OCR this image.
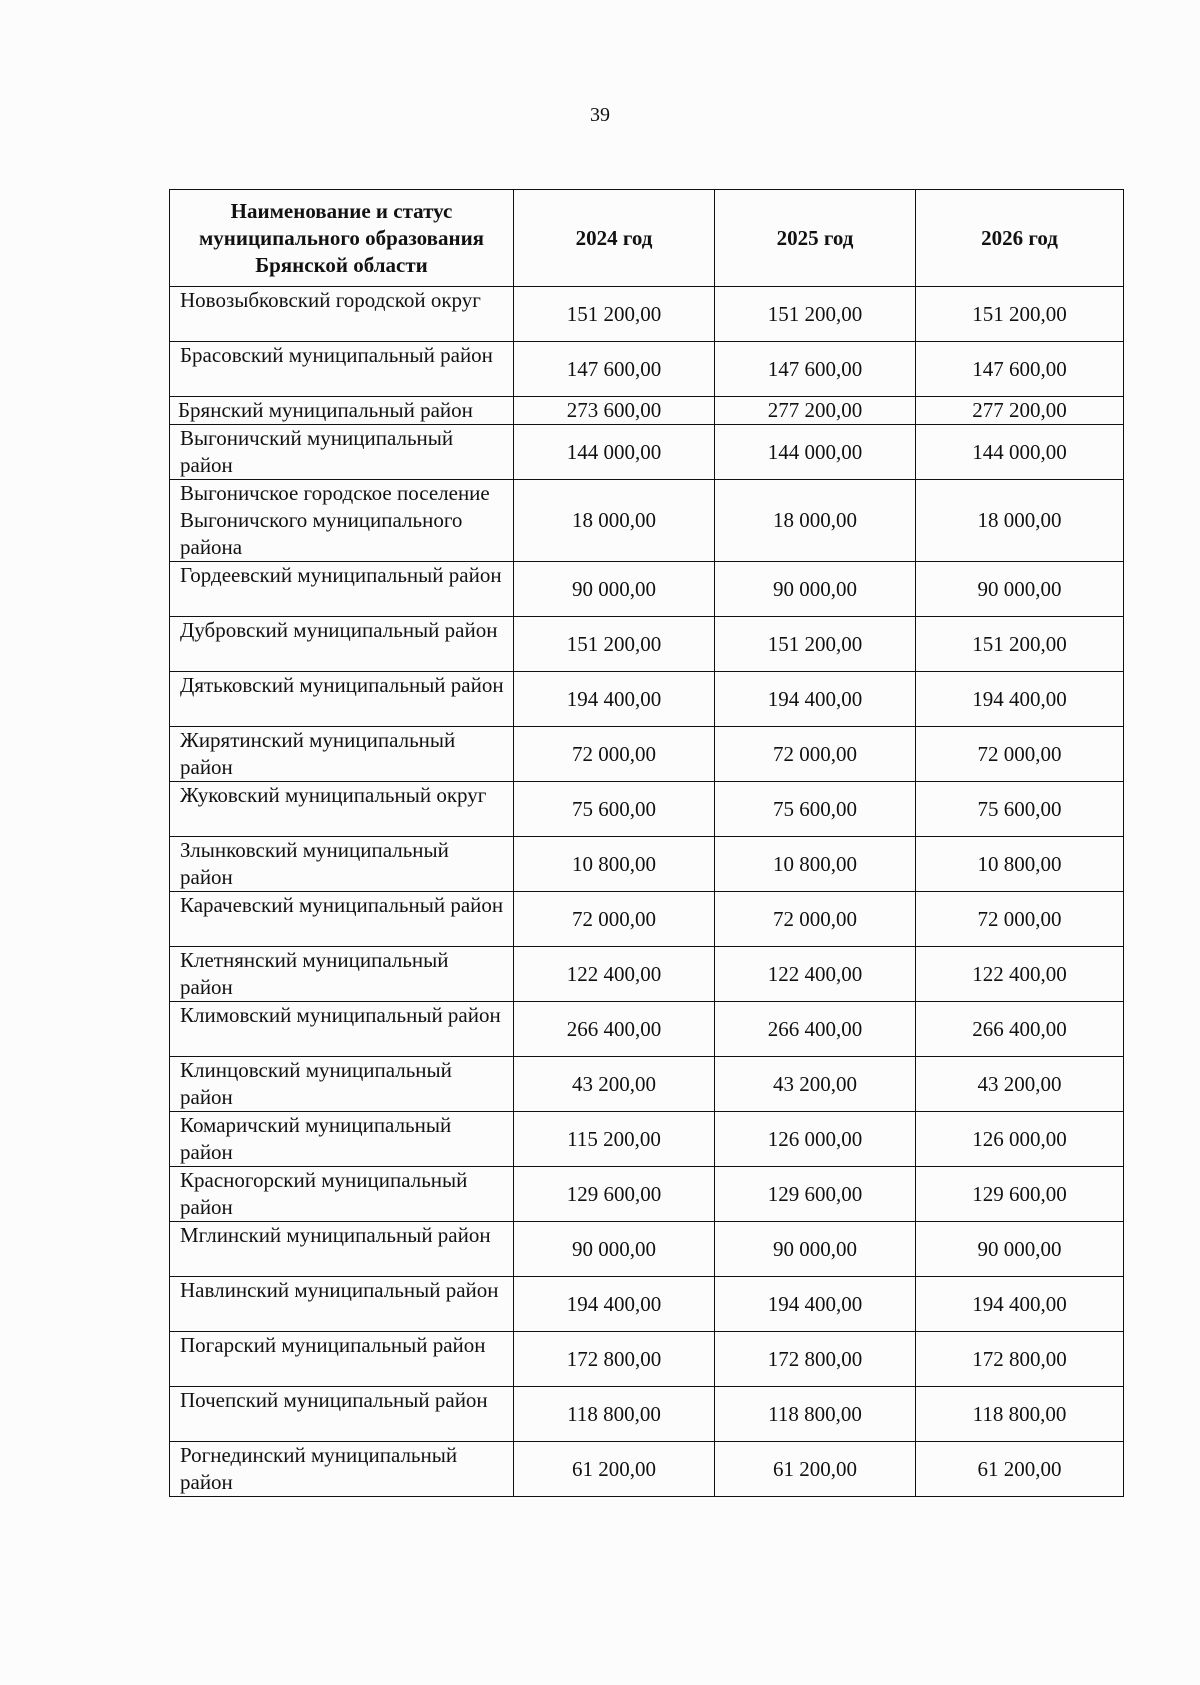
39
Наименование и статус муниципального образования Брянской области	2024 год	2025 год	2026 год
Новозыбковский городской округ	151 200,00	151 200,00	151 200,00
Брасовский муниципальный район	147 600,00	147 600,00	147 600,00
Брянский муниципальный район	273 600,00	277 200,00	277 200,00
Выгоничский муниципальный район	144 000,00	144 000,00	144 000,00
Выгоничское городское поселение Выгоничского муниципального района	18 000,00	18 000,00	18 000,00
Гордеевский муниципальный район	90 000,00	90 000,00	90 000,00
Дубровский муниципальный район	151 200,00	151 200,00	151 200,00
Дятьковский муниципальный район	194 400,00	194 400,00	194 400,00
Жирятинский муниципальный район	72 000,00	72 000,00	72 000,00
Жуковский муниципальный округ	75 600,00	75 600,00	75 600,00
Злынковский муниципальный район	10 800,00	10 800,00	10 800,00
Карачевский муниципальный район	72 000,00	72 000,00	72 000,00
Клетнянский муниципальный район	122 400,00	122 400,00	122 400,00
Климовский муниципальный район	266 400,00	266 400,00	266 400,00
Клинцовский муниципальный район	43 200,00	43 200,00	43 200,00
Комаричский муниципальный район	115 200,00	126 000,00	126 000,00
Красногорский муниципальный район	129 600,00	129 600,00	129 600,00
Мглинский муниципальный район	90 000,00	90 000,00	90 000,00
Навлинский муниципальный район	194 400,00	194 400,00	194 400,00
Погарский муниципальный район	172 800,00	172 800,00	172 800,00
Почепский муниципальный район	118 800,00	118 800,00	118 800,00
Рогнединский муниципальный район	61 200,00	61 200,00	61 200,00
